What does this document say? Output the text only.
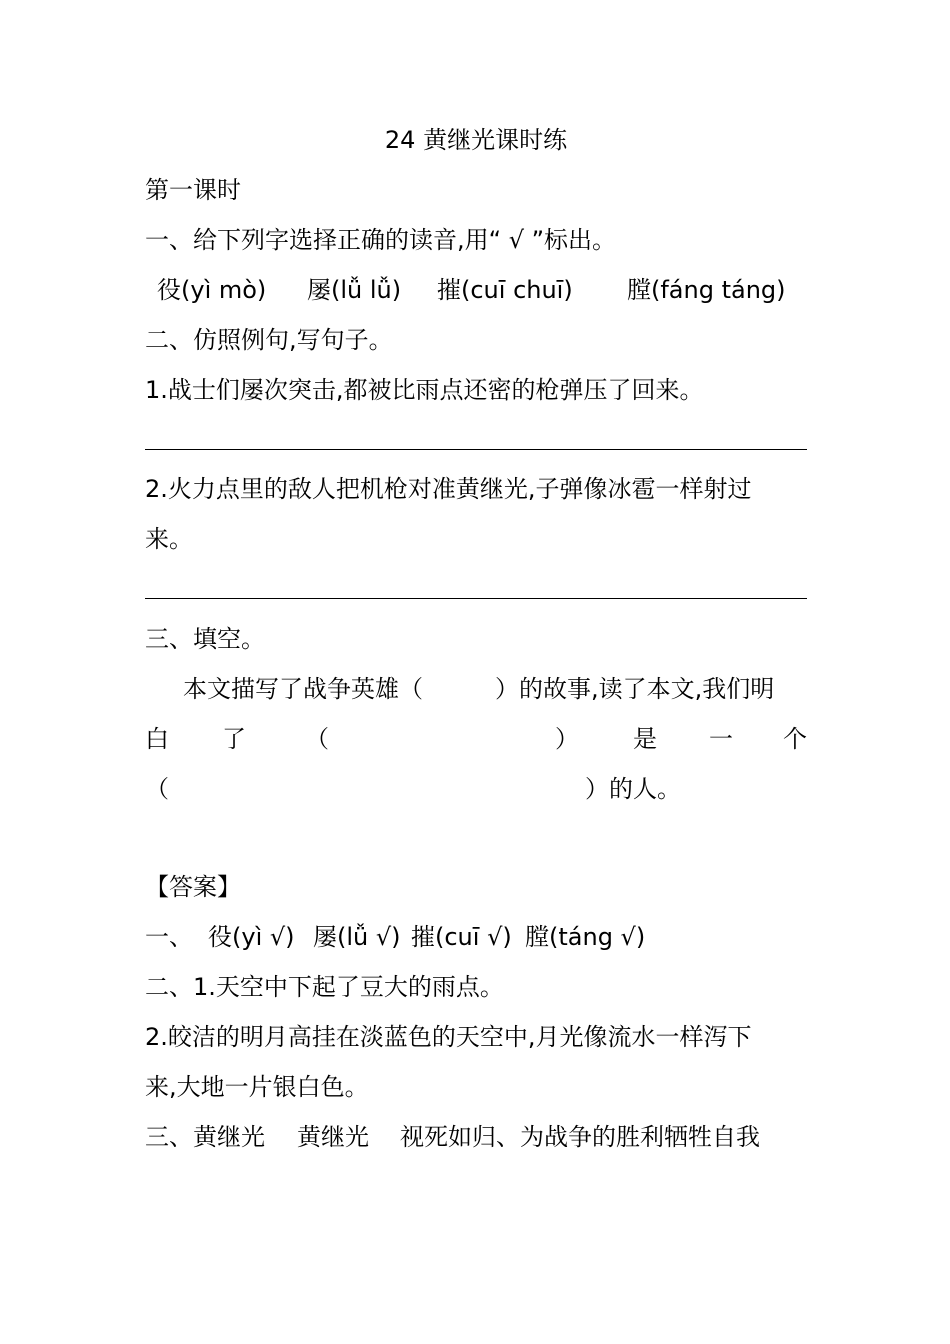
24 黄继光课时练
第一课时
一、给下列字选择正确的读音,用“ √ ”标出。
役(yì mò) 屡(lǚ lǚ) 摧(cuī chuī) 膛(fáng táng)
二、仿照例句,写句子。
1.战士们屡次突击,都被比雨点还密的枪弹压了回来。
2.火力点里的敌人把机枪对准黄继光,子弹像冰雹一样射过
来。
三、填空。
本文描写了战争英雄（	）的故事,读了本文,我们明
白 了 （	） 是 一 个
（	）的人。
【答案】
一、 役(yì √) 屡(lǚ √) 摧(cuī √) 膛(táng √)
二、1.天空中下起了豆大的雨点。
2.皎洁的明月高挂在淡蓝色的天空中,月光像流水一样泻下
来,大地一片银白色。
三、黄继光 黄继光 视死如归、为战争的胜利牺牲自我
